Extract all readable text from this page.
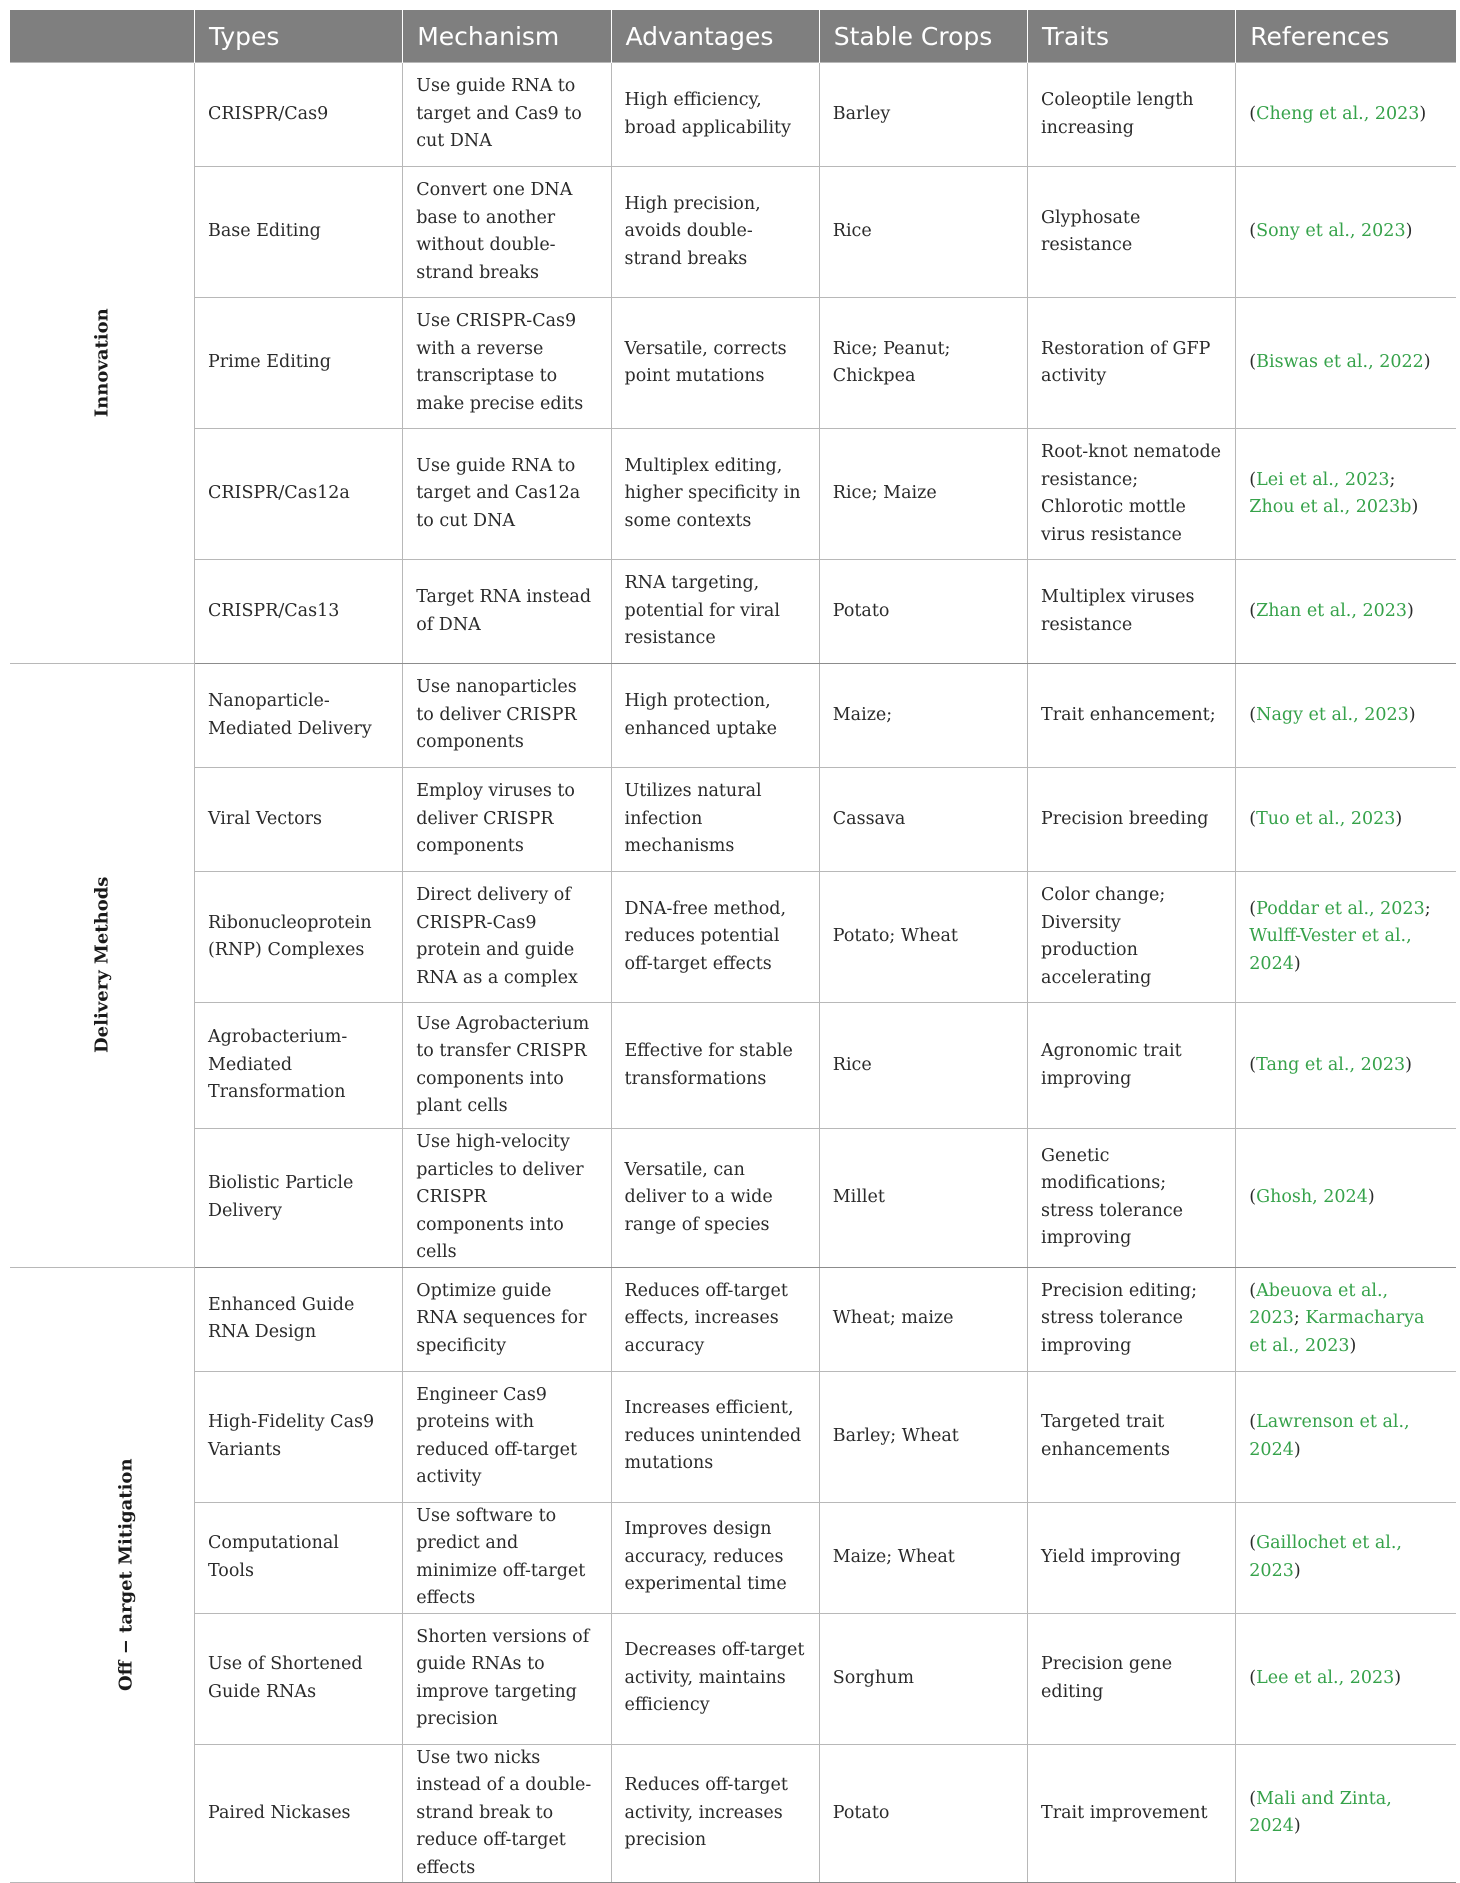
	Types	Mechanism	Advantages	Stable Crops	Traits	References
Innovation	CRISPR/Cas9	Use guide RNA to target and Cas9 to cut DNA	High efficiency, broad applicability	Barley	Coleoptile length increasing	(Cheng et al., 2023)
	Base Editing	Convert one DNA base to another without double-strand breaks	High precision, avoids double-strand breaks	Rice	Glyphosate resistance	(Sony et al., 2023)
	Prime Editing	Use CRISPR-Cas9 with a reverse transcriptase to make precise edits	Versatile, corrects point mutations	Rice; Peanut; Chickpea	Restoration of GFP activity	(Biswas et al., 2022)
	CRISPR/Cas12a	Use guide RNA to target and Cas12a to cut DNA	Multiplex editing, higher specificity in some contexts	Rice; Maize	Root-knot nematode resistance; Chlorotic mottle virus resistance	(Lei et al., 2023; Zhou et al., 2023b)
	CRISPR/Cas13	Target RNA instead of DNA	RNA targeting, potential for viral resistance	Potato	Multiplex viruses resistance	(Zhan et al., 2023)
Delivery Methods	Nanoparticle-Mediated Delivery	Use nanoparticles to deliver CRISPR components	High protection, enhanced uptake	Maize;	Trait enhancement;	(Nagy et al., 2023)
	Viral Vectors	Employ viruses to deliver CRISPR components	Utilizes natural infection mechanisms	Cassava	Precision breeding	(Tuo et al., 2023)
	Ribonucleoprotein (RNP) Complexes	Direct delivery of CRISPR-Cas9 protein and guide RNA as a complex	DNA-free method, reduces potential off-target effects	Potato; Wheat	Color change; Diversity production accelerating	(Poddar et al., 2023; Wulff-Vester et al., 2024)
	Agrobacterium-Mediated Transformation	Use Agrobacterium to transfer CRISPR components into plant cells	Effective for stable transformations	Rice	Agronomic trait improving	(Tang et al., 2023)
	Biolistic Particle Delivery	Use high-velocity particles to deliver CRISPR components into cells	Versatile, can deliver to a wide range of species	Millet	Genetic modifications; stress tolerance improving	(Ghosh, 2024)
Off − target Mitigation	Enhanced Guide RNA Design	Optimize guide RNA sequences for specificity	Reduces off-target effects, increases accuracy	Wheat; maize	Precision editing; stress tolerance improving	(Abeuova et al., 2023; Karmacharya et al., 2023)
	High-Fidelity Cas9 Variants	Engineer Cas9 proteins with reduced off-target activity	Increases efficient, reduces unintended mutations	Barley; Wheat	Targeted trait enhancements	(Lawrenson et al., 2024)
	Computational Tools	Use software to predict and minimize off-target effects	Improves design accuracy, reduces experimental time	Maize; Wheat	Yield improving	(Gaillochet et al., 2023)
	Use of Shortened Guide RNAs	Shorten versions of guide RNAs to improve targeting precision	Decreases off-target activity, maintains efficiency	Sorghum	Precision gene editing	(Lee et al., 2023)
	Paired Nickases	Use two nicks instead of a double-strand break to reduce off-target effects	Reduces off-target activity, increases precision	Potato	Trait improvement	(Mali and Zinta, 2024)
